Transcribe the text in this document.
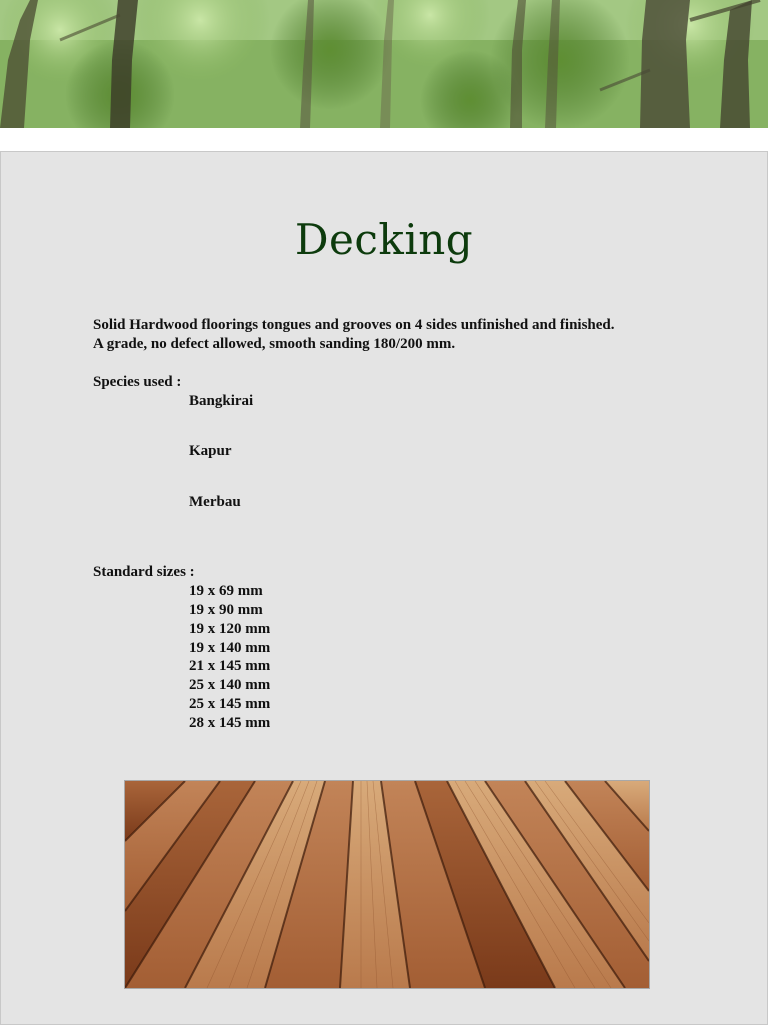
Decking

Solid Hardwood floorings tongues and grooves on 4 sides unfinished and finished.

A grade, no defect allowed, smooth sanding 180/200 mm.

Species used :

Bangkirai

Kapur

Merbau

Standard sizes :

19 x 69 mm

19 x 90 mm

19 x 120 mm

19 x 140 mm

21 x 145 mm

25 x 140 mm

25 x 145 mm

28 x 145 mm
